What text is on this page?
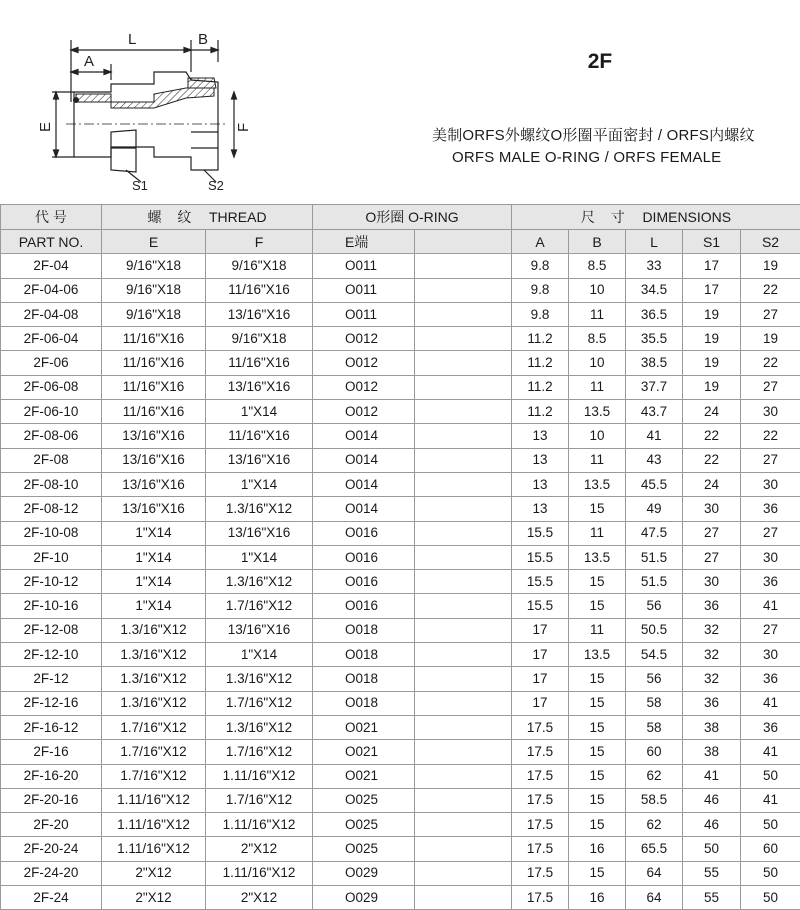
L	B
A
E	F
S1	S2
2F
美制ORFS外螺纹O形圈平面密封 / ORFS内螺纹
ORFS MALE O-RING / ORFS FEMALE
代 号	螺 纹 THREAD		O形圈 O-RING		尺 寸 DIMENSIONS				
PART NO.	E	F	E端		A	B	L	S1	S2
2F-04	9/16"X18	9/16"X18	O011		9.8	8.5	33	17	19
2F-04-06	9/16"X18	11/16"X16	O011		9.8	10	34.5	17	22
2F-04-08	9/16"X18	13/16"X16	O011		9.8	11	36.5	19	27
2F-06-04	11/16"X16	9/16"X18	O012		11.2	8.5	35.5	19	19
2F-06	11/16"X16	11/16"X16	O012		11.2	10	38.5	19	22
2F-06-08	11/16"X16	13/16"X16	O012		11.2	11	37.7	19	27
2F-06-10	11/16"X16	1"X14	O012		11.2	13.5	43.7	24	30
2F-08-06	13/16"X16	11/16"X16	O014		13	10	41	22	22
2F-08	13/16"X16	13/16"X16	O014		13	11	43	22	27
2F-08-10	13/16"X16	1"X14	O014		13	13.5	45.5	24	30
2F-08-12	13/16"X16	1.3/16"X12	O014		13	15	49	30	36
2F-10-08	1"X14	13/16"X16	O016		15.5	11	47.5	27	27
2F-10	1"X14	1"X14	O016		15.5	13.5	51.5	27	30
2F-10-12	1"X14	1.3/16"X12	O016		15.5	15	51.5	30	36
2F-10-16	1"X14	1.7/16"X12	O016		15.5	15	56	36	41
2F-12-08	1.3/16"X12	13/16"X16	O018		17	11	50.5	32	27
2F-12-10	1.3/16"X12	1"X14	O018		17	13.5	54.5	32	30
2F-12	1.3/16"X12	1.3/16"X12	O018		17	15	56	32	36
2F-12-16	1.3/16"X12	1.7/16"X12	O018		17	15	58	36	41
2F-16-12	1.7/16"X12	1.3/16"X12	O021		17.5	15	58	38	36
2F-16	1.7/16"X12	1.7/16"X12	O021		17.5	15	60	38	41
2F-16-20	1.7/16"X12	1.11/16"X12	O021		17.5	15	62	41	50
2F-20-16	1.11/16"X12	1.7/16"X12	O025		17.5	15	58.5	46	41
2F-20	1.11/16"X12	1.11/16"X12	O025		17.5	15	62	46	50
2F-20-24	1.11/16"X12	2"X12	O025		17.5	16	65.5	50	60
2F-24-20	2"X12	1.11/16"X12	O029		17.5	15	64	55	50
2F-24	2"X12	2"X12	O029		17.5	16	64	55	50
